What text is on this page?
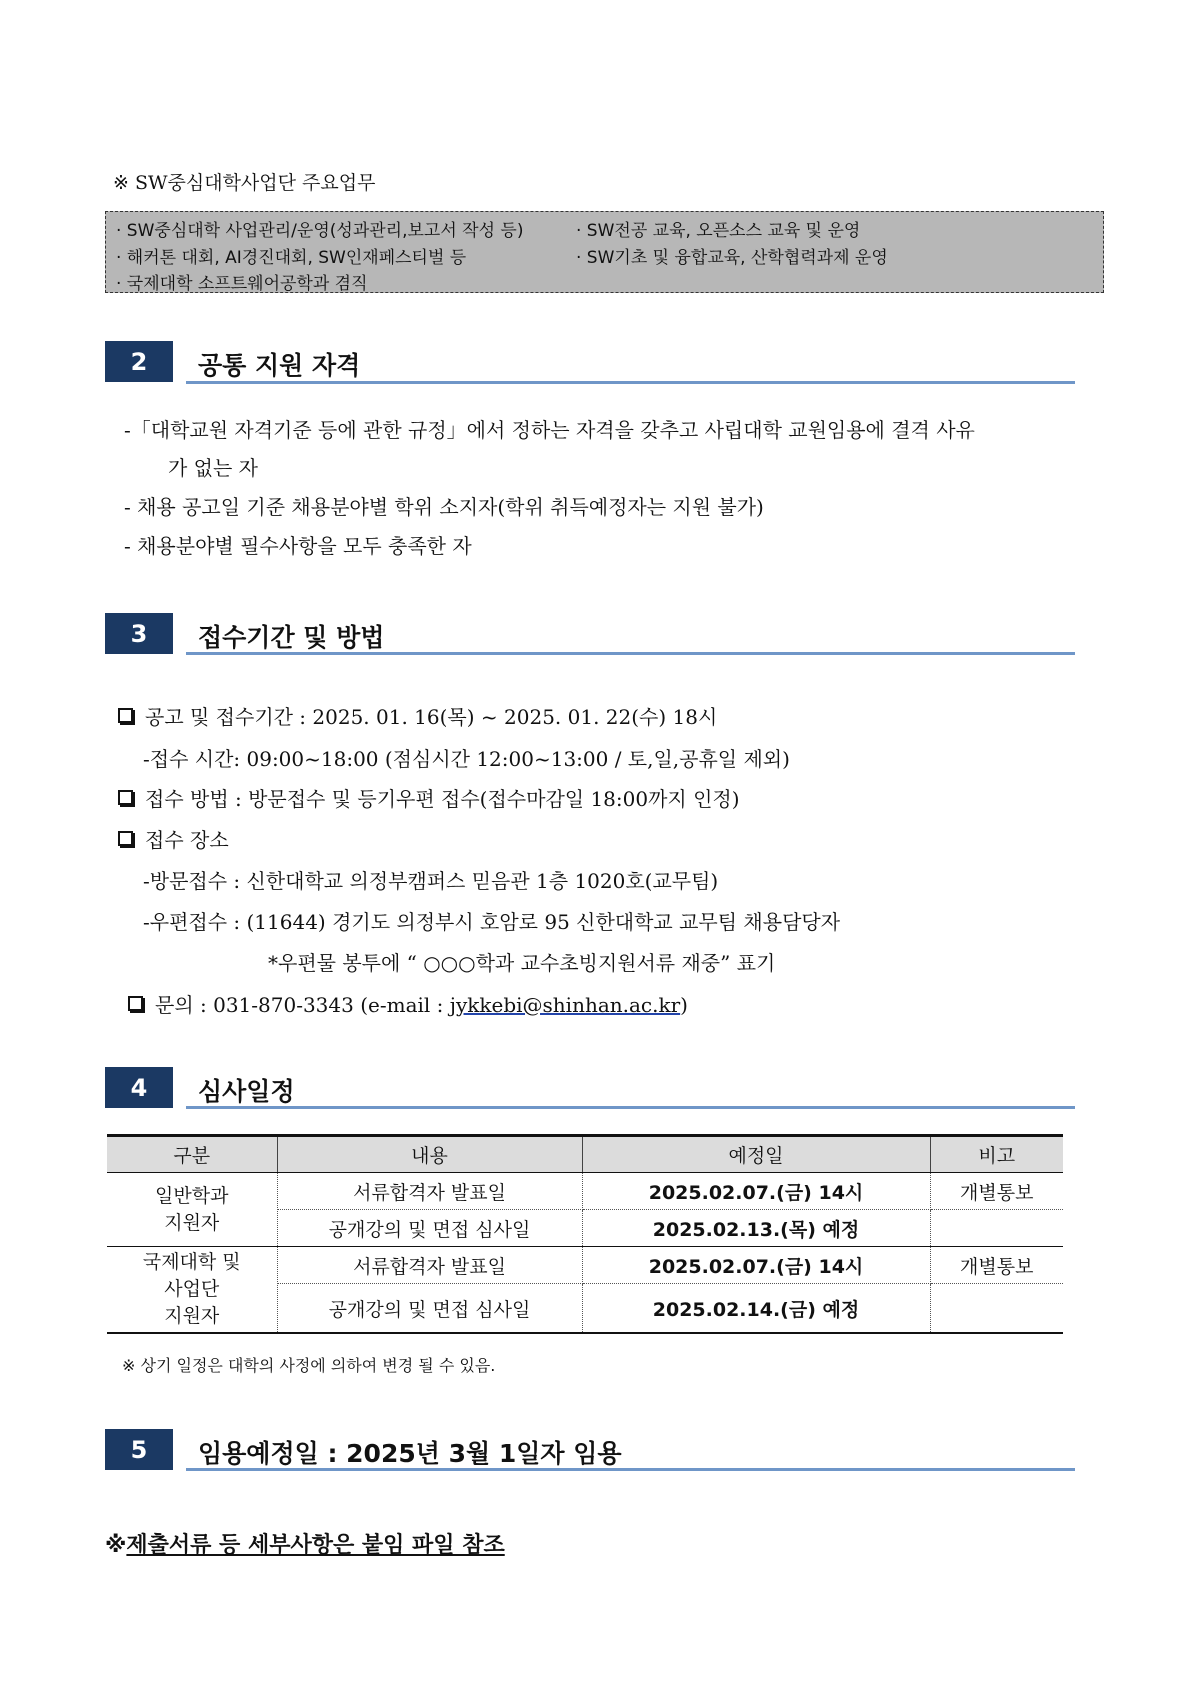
※ SW중심대학사업단 주요업무
· SW중심대학 사업관리/운영(성과관리,보고서 작성 등)	· SW전공 교육, 오픈소스 교육 및 운영
· 해커톤 대회, AI경진대회, SW인재페스티벌 등	· SW기초 및 융합교육, 산학협력과제 운영
· 국제대학 소프트웨어공학과 겸직
2	공통 지원 자격
-「대학교원 자격기준 등에 관한 규정」에서 정하는 자격을 갖추고 사립대학 교원임용에 결격 사유
가 없는 자
- 채용 공고일 기준 채용분야별 학위 소지자(학위 취득예정자는 지원 불가)
- 채용분야별 필수사항을 모두 충족한 자
3	접수기간 및 방법
공고 및 접수기간 : 2025. 01. 16(목) ~ 2025. 01. 22(수) 18시
-접수 시간: 09:00~18:00 (점심시간 12:00~13:00 / 토,일,공휴일 제외)
접수 방법 : 방문접수 및 등기우편 접수(접수마감일 18:00까지 인정)
접수 장소
-방문접수 : 신한대학교 의정부캠퍼스 믿음관 1층 1020호(교무팀)
-우편접수 : (11644) 경기도 의정부시 호암로 95 신한대학교 교무팀 채용담당자
*우편물 봉투에 “ ○○○학과 교수초빙지원서류 재중” 표기
문의 : 031-870-3343 (e-mail : jykkebi@shinhan.ac.kr)
4	심사일정
구분	내용	예정일	비고

일반학과
지원자	서류합격자 발표일	2025.02.07.(금) 14시	개별통보
	공개강의 및 면접 심사일	2025.02.13.(목) 예정	

국제대학 및
사업단
지원자	서류합격자 발표일	2025.02.07.(금) 14시	개별통보
	공개강의 및 면접 심사일	2025.02.14.(금) 예정	
※ 상기 일정은 대학의 사정에 의하여 변경 될 수 있음.
5	임용예정일 : 2025년 3월 1일자 임용
※제출서류 등 세부사항은 붙임 파일 참조
